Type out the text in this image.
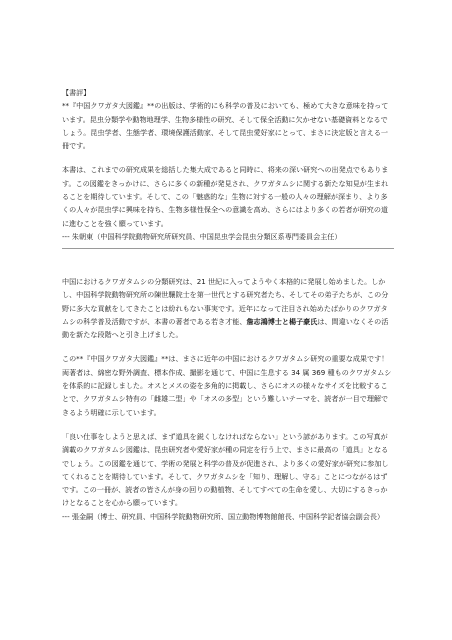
【書評】

**『中国クワガタ大図鑑』**の出版は、学術的にも科学の普及においても、極めて大きな意味を持っています。昆虫分類学や動物地理学、生物多様性の研究、そして保全活動に欠かせない基礎資料となるでしょう。昆虫学者、生態学者、環境保護活動家、そして昆虫愛好家にとって、まさに決定版と言える一冊です。

本書は、これまでの研究成果を総括した集大成であると同時に、将来の深い研究への出発点でもあります。この図鑑をきっかけに、さらに多くの新種が発見され、クワガタムシに関する新たな知見が生まれることを期待しています。そして、この「魅惑的な」生物に対する一般の人々の理解が深まり、より多くの人々が昆虫学に興味を持ち、生物多様性保全への意識を高め、さらにはより多くの若者が研究の道に進むことを強く願っています。

--- 朱朝東（中国科学院動物研究所研究員、中国昆虫学会昆虫分類区系専門委員会主任）

中国におけるクワガタムシの分類研究は、21 世紀に入ってようやく本格的に発展し始めました。しかし、中国科学院動物研究所の陳世驤院士を第一世代とする研究者たち、そしてその弟子たちが、この分野に多大な貢献をしてきたことは紛れもない事実です。近年になって注目され始めたばかりのクワガタムシの科学普及活動ですが、本書の著者である若き才能、詹志鴻博士と楊子豪氏は、間違いなくその活動を新たな段階へと引き上げました。

この**『中国クワガタ大図鑑』**は、まさに近年の中国におけるクワガタムシ研究の重要な成果です！両著者は、綿密な野外調査、標本作成、撮影を通じて、中国に生息する 34 属 369 種ものクワガタムシを体系的に記録しました。オスとメスの姿を多角的に掲載し、さらにオスの様々なサイズを比較することで、クワガタムシ特有の「雌雄二型」や「オスの多型」という難しいテーマを、読者が一目で理解できるよう明確に示しています。

「良い仕事をしようと思えば、まず道具を鋭くしなければならない」という諺があります。この写真が満載のクワガタムシ図鑑は、昆虫研究者や愛好家が種の同定を行う上で、まさに最高の「道具」となるでしょう。この図鑑を通じて、学術の発展と科学の普及が促進され、より多くの愛好家が研究に参加してくれることを期待しています。そして、クワガタムシを「知り、理解し、守る」ことにつながるはずです。この一冊が、読者の皆さんが身の回りの動植物、そしてすべての生命を愛し、大切にするきっかけとなることを心から願っています。

--- 張金嗣（博士、研究員、中国科学院動物研究所、国立動物博物館館長、中国科学記者協会副会長）
